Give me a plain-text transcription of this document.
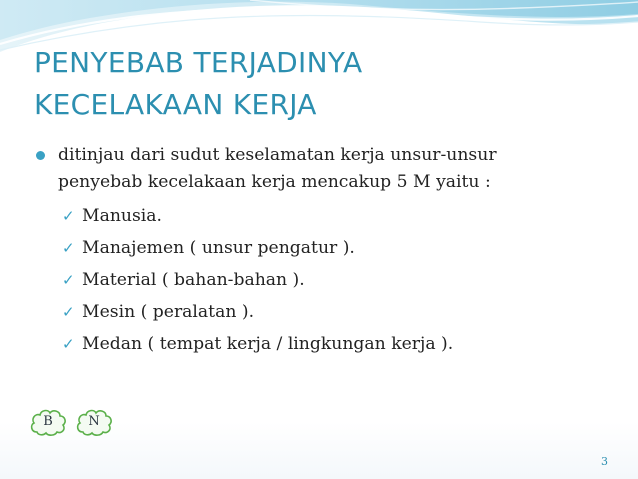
PENYEBAB TERJADINYA
KECELAKAAN KERJA
ditinjau dari sudut keselamatan kerja unsur-unsur
penyebab kecelakaan kerja mencakup 5 M yaitu :
✓ Manusia.
✓ Manajemen ( unsur pengatur ).
✓ Material ( bahan-bahan ).
✓ Mesin ( peralatan ).
✓ Medan ( tempat kerja / lingkungan kerja ).
B	N
3
